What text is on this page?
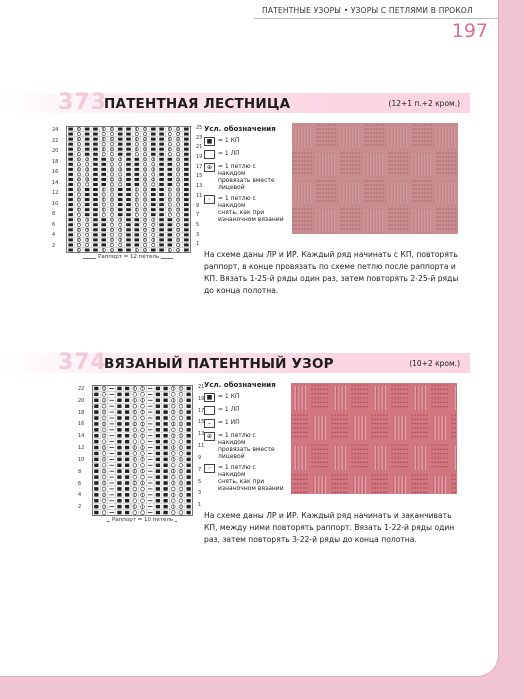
ПАТЕНТНЫЕ УЗОРЫ • УЗОРЫ С ПЕТЛЯМИ В ПРОКОЛ
197
373
ПАТЕНТНАЯ ЛЕСТНИЦА	(12+1 п.+2 кром.)
24
22
20
18
16
14
12
10
8
6
4
2
25
23
21
19
17
15
13
11
9
7
5
3
1
Раппорт = 12 петель
Усл. обозначения
■ = 1 КП
= 1 ЛП
⊕ = 1 петлю с накидом
провязать вместе
лицевой
◦	= 1 петлю с накидом
снять, как при
изнаночном вязании
На схеме даны ЛР и ИР. Каждый ряд начинать с КП, повторять раппорт, в конце провязать по схеме петлю после раппорта и КП. Вязать 1-25-й ряды один раз, затем повторять 2-25-й ряды до конца полотна.
374
ВЯЗАНЫЙ ПАТЕНТНЫЙ УЗОР	(10+2 кром.)
22
20
18
16
14
12
10
8
6
4
2
21
19
17
15
13
11
9
7
5
3
1
Раппорт = 10 петель
Усл. обозначения
■ = 1 КП
= 1 ЛП
–	= 1 ИП
⊕ = 1 петлю с накидом
провязать вместе
лицевой
◦	= 1 петлю с накидом
снять, как при
изнаночном вязании
На схеме даны ЛР и ИР. Каждый ряд начинать и заканчивать КП, между ними повторять раппорт. Вязать 1-22-й ряды один раз, затем повторять 3-22-й ряды до конца полотна.
